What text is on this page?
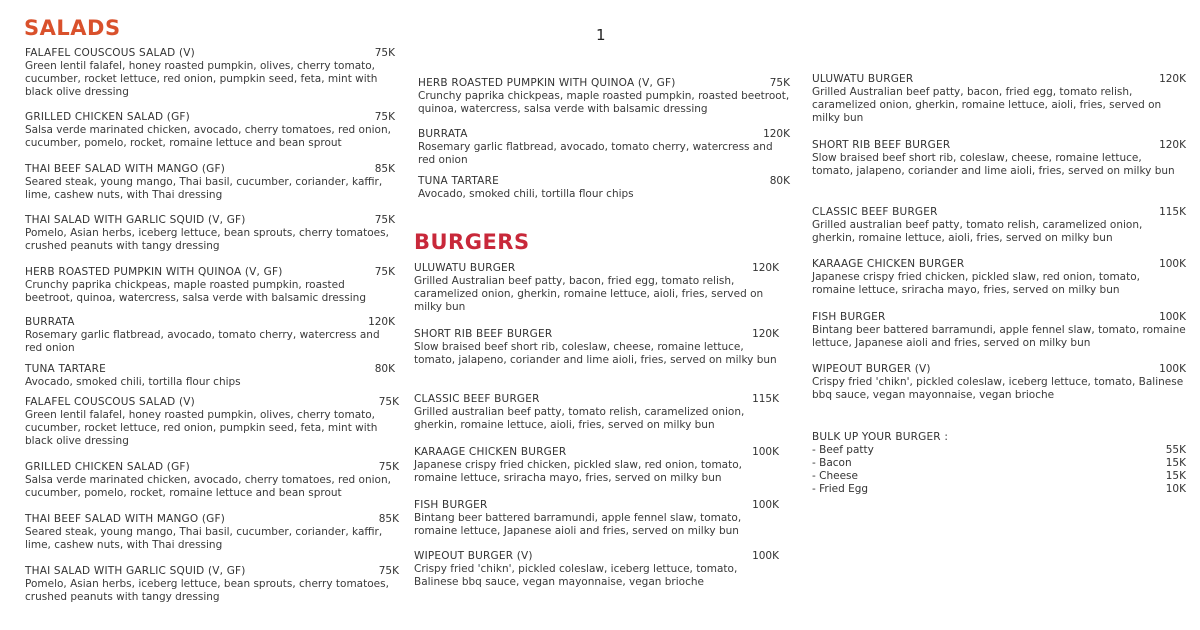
SALADS	1
BURGERS
FALAFEL COUSCOUS SALAD (V)	75K

Green lentil falafel, honey roasted pumpkin, olives, cherry tomato, cucumber, rocket lettuce, red onion, pumpkin seed, feta, mint with black olive dressing

GRILLED CHICKEN SALAD (GF)	75K

Salsa verde marinated chicken, avocado, cherry tomatoes, red onion, cucumber, pomelo, rocket, romaine lettuce and bean sprout

THAI BEEF SALAD WITH MANGO (GF)	85K

Seared steak, young mango, Thai basil, cucumber, coriander, kaffir, lime, cashew nuts, with Thai dressing

THAI SALAD WITH GARLIC SQUID (V, GF)	75K

Pomelo, Asian herbs, iceberg lettuce, bean sprouts, cherry tomatoes, crushed peanuts with tangy dressing

HERB ROASTED PUMPKIN WITH QUINOA (V, GF)	75K

Crunchy paprika chickpeas, maple roasted pumpkin, roasted beetroot, quinoa, watercress, salsa verde with balsamic dressing

BURRATA	120K

Rosemary garlic flatbread, avocado, tomato cherry, watercress and red onion

TUNA TARTARE	80K

Avocado, smoked chili, tortilla flour chips

FALAFEL COUSCOUS SALAD (V)	75K

Green lentil falafel, honey roasted pumpkin, olives, cherry tomato, cucumber, rocket lettuce, red onion, pumpkin seed, feta, mint with black olive dressing

GRILLED CHICKEN SALAD (GF)	75K

Salsa verde marinated chicken, avocado, cherry tomatoes, red onion, cucumber, pomelo, rocket, romaine lettuce and bean sprout

THAI BEEF SALAD WITH MANGO (GF)	85K

Seared steak, young mango, Thai basil, cucumber, coriander, kaffir, lime, cashew nuts, with Thai dressing

THAI SALAD WITH GARLIC SQUID (V, GF)	75K

Pomelo, Asian herbs, iceberg lettuce, bean sprouts, cherry tomatoes, crushed peanuts with tangy dressing

HERB ROASTED PUMPKIN WITH QUINOA (V, GF)	75K

Crunchy paprika chickpeas, maple roasted pumpkin, roasted beetroot, quinoa, watercress, salsa verde with balsamic dressing

BURRATA	120K

Rosemary garlic flatbread, avocado, tomato cherry, watercress and red onion

TUNA TARTARE	80K

Avocado, smoked chili, tortilla flour chips

ULUWATU BURGER	120K

Grilled Australian beef patty, bacon, fried egg, tomato relish, caramelized onion, gherkin, romaine lettuce, aioli, fries, served on milky bun

SHORT RIB BEEF BURGER	120K

Slow braised beef short rib, coleslaw, cheese, romaine lettuce, tomato, jalapeno, coriander and lime aioli, fries, served on milky bun

CLASSIC BEEF BURGER	115K

Grilled australian beef patty, tomato relish, caramelized onion, gherkin, romaine lettuce, aioli, fries, served on milky bun

KARAAGE CHICKEN BURGER	100K

Japanese crispy fried chicken, pickled slaw, red onion, tomato, romaine lettuce, sriracha mayo, fries, served on milky bun

FISH BURGER	100K

Bintang beer battered barramundi, apple fennel slaw, tomato, romaine lettuce, Japanese aioli and fries, served on milky bun

WIPEOUT BURGER (V)	100K

Crispy fried 'chikn', pickled coleslaw, iceberg lettuce, tomato, Balinese bbq sauce, vegan mayonnaise, vegan brioche

ULUWATU BURGER	120K

Grilled Australian beef patty, bacon, fried egg, tomato relish, caramelized onion, gherkin, romaine lettuce, aioli, fries, served on milky bun

SHORT RIB BEEF BURGER	120K

Slow braised beef short rib, coleslaw, cheese, romaine lettuce, tomato, jalapeno, coriander and lime aioli, fries, served on milky bun

CLASSIC BEEF BURGER	115K

Grilled australian beef patty, tomato relish, caramelized onion, gherkin, romaine lettuce, aioli, fries, served on milky bun

KARAAGE CHICKEN BURGER	100K

Japanese crispy fried chicken, pickled slaw, red onion, tomato, romaine lettuce, sriracha mayo, fries, served on milky bun

FISH BURGER	100K

Bintang beer battered barramundi, apple fennel slaw, tomato, romaine lettuce, Japanese aioli and fries, served on milky bun

WIPEOUT BURGER (V)	100K

Crispy fried 'chikn', pickled coleslaw, iceberg lettuce, tomato, Balinese bbq sauce, vegan mayonnaise, vegan brioche

BULK UP YOUR BURGER :
- Beef patty	55K
- Bacon	15K
- Cheese	15K
- Fried Egg	10K
